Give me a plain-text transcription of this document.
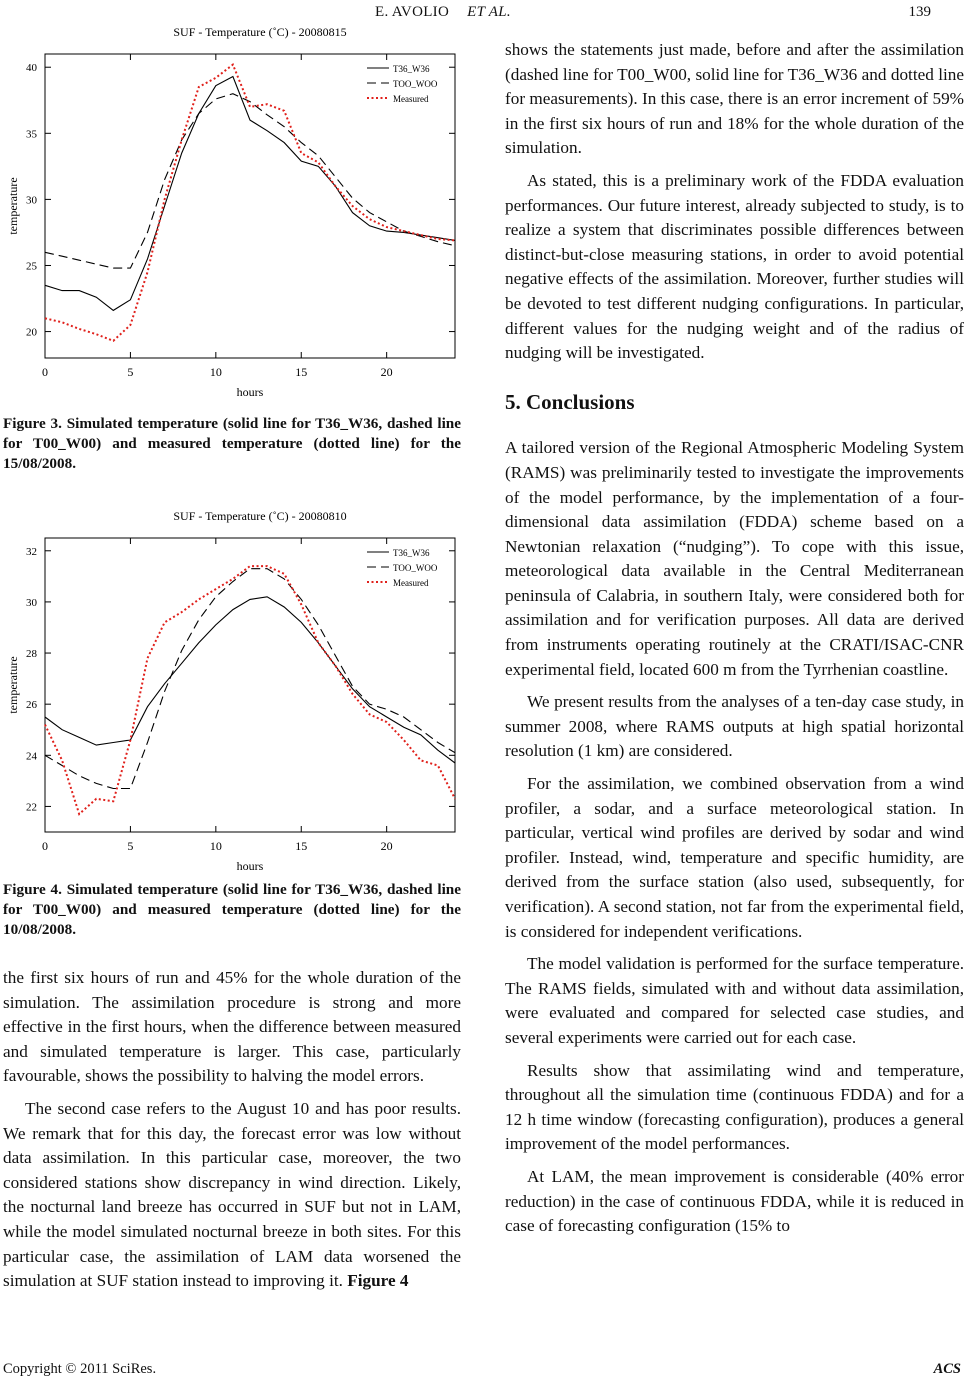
E. AVOLIO ET AL.	139
SUF - Temperature (˚C) - 20080815
0	5	10	15	20
20
25
30
35
40
hours
temperature
T36_W36
TOO_WOO
Measured
Figure 3. Simulated temperature (solid line for T36_W36, dashed line for T00_W00) and measured temperature (dotted line) for the 15/08/2008.
SUF - Temperature (˚C) - 20080810
0	5	10	15	20
22
24
26
28
30
32
hours
temperature
T36_W36
TOO_WOO
Measured
Figure 4. Simulated temperature (solid line for T36_W36, dashed line for T00_W00) and measured temperature (dotted line) for the 10/08/2008.

the first six hours of run and 45% for the whole duration of the simulation. The assimilation procedure is strong and more effective in the first hours, when the difference between measured and simulated temperature is larger. This case, particularly favourable, shows the possibility to halving the model errors.

The second case refers to the August 10 and has poor results. We remark that for this day, the forecast error was low without data assimilation. In this particular case, moreover, the two considered stations show discrepancy in wind direction. Likely, the nocturnal land breeze has occurred in SUF but not in LAM, while the model simulated nocturnal breeze in both sites. For this particular case, the assimilation of LAM data worsened the simulation at SUF station instead to improving it. Figure 4

shows the statements just made, before and after the assimilation (dashed line for T00_W00, solid line for T36_W36 and dotted line for measurements). In this case, there is an error increment of 59% in the first six hours of run and 18% for the whole duration of the simulation.

As stated, this is a preliminary work of the FDDA evaluation performances. Our future interest, already subjected to study, is to realize a system that discriminates possible differences between distinct-but-close measuring stations, in order to avoid potential negative effects of the assimilation. Moreover, further studies will be devoted to test different nudging configurations. In particular, different values for the nudging weight and of the radius of nudging will be investigated.

5. Conclusions

A tailored version of the Regional Atmospheric Modeling System (RAMS) was preliminarily tested to investigate the improvements of the model performance, by the implementation of a four-dimensional data assimilation (FDDA) scheme based on a Newtonian relaxation (“nudging”). To cope with this issue, meteorological data available in the Central Mediterranean peninsula of Calabria, in southern Italy, were considered both for assimilation and for verification purposes. All data are derived from instruments operating routinely at the CRATI/ISAC-CNR experimental field, located 600 m from the Tyrrhenian coastline.

We present results from the analyses of a ten-day case study, in summer 2008, where RAMS outputs at high spatial horizontal resolution (1 km) are considered.

For the assimilation, we combined observation from a wind profiler, a sodar, and a surface meteorological station. In particular, vertical wind profiles are derived by sodar and wind profiler. Instead, wind, temperature and specific humidity, are derived from the surface station (also used, subsequently, for verification). A second station, not far from the experimental field, is considered for independent verifications.

The model validation is performed for the surface temperature. The RAMS fields, simulated with and without data assimilation, were evaluated and compared for selected case studies, and several experiments were carried out for each case.

Results show that assimilating wind and temperature, throughout all the simulation time (continuous FDDA) and for a 12 h time window (forecasting configuration), produces a general improvement of the model performances.

At LAM, the mean improvement is considerable (40% error reduction) in the case of continuous FDDA, while it is reduced in case of forecasting configuration (15% to

Copyright © 2011 SciRes.	ACS
